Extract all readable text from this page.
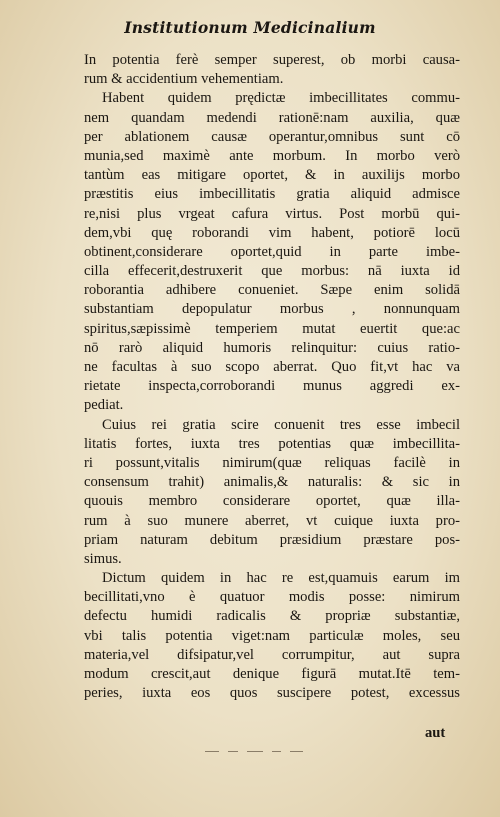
Institutionum Medicinalium
In potentia ferè semper superest, ob morbi causa-
rum & accidentium vehementiam.
Habent quidem prędictæ imbecillitates commu-
nem quandam medendi rationē:nam auxilia, quæ
per ablationem causæ operantur,omnibus sunt cō
munia,sed maximè ante morbum. In morbo verò
tantùm eas mitigare oportet, & in auxilijs morbo
præstitis eius imbecillitatis gratia aliquid admisce
re,nisi plus vrgeat cafura virtus. Post morbū qui-
dem,vbi quę roborandi vim habent, potiorē locū
obtinent,considerare oportet,quid in parte imbe-
cilla effecerit,destruxerit que morbus: nā iuxta id
roborantia adhibere conueniet. Sæpe enim solidā
substantiam depopulatur morbus , nonnunquam
spiritus,sæpissimè temperiem mutat euertit que:ac
nō rarò aliquid humoris relinquitur: cuius ratio-
ne facultas à suo scopo aberrat. Quo fit,vt hac va
rietate inspecta,corroborandi munus aggredi ex-
pediat.
Cuius rei gratia scire conuenit tres esse imbecil
litatis fortes, iuxta tres potentias quæ imbecillita-
ri possunt,vitalis nimirum(quæ reliquas facilè in
consensum trahit) animalis,& naturalis: & sic in
quouis membro considerare oportet, quæ illa-
rum à suo munere aberret, vt cuique iuxta pro-
priam naturam debitum præsidium præstare pos-
simus.
Dictum quidem in hac re est,quamuis earum im
becillitati,vno è quatuor modis posse: nimirum
defectu humidi radicalis & propriæ substantiæ,
vbi talis potentia viget:nam particulæ moles, seu
materia,vel difsipatur,vel corrumpitur, aut supra
modum crescit,aut denique figurā mutat.Itē tem-
peries, iuxta eos quos suscipere potest, excessus
aut
